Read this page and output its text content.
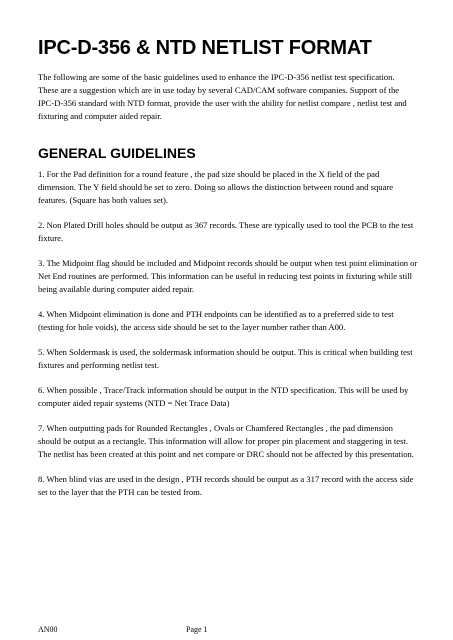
IPC-D-356 & NTD NETLIST FORMAT

The following are some of the basic guidelines used to enhance the IPC-D-356 netlist test specification. These are a suggestion which are in use today by several CAD/CAM software companies. Support of the IPC-D-356 standard with NTD format, provide the user with the ability for netlist compare , netlist test and fixturing and computer aided repair.

GENERAL GUIDELINES

1. For the Pad definition for a round feature , the pad size should be placed in the X field of the pad dimension. The Y field should be set to zero. Doing so allows the distinction between round and square features. (Square has both values set).

2. Non Plated Drill holes should be output as 367 records. These are typically used to tool the PCB to the test fixture.

3. The Midpoint flag should be included and Midpoint records should be output when test point elimination or Net End routines are performed. This information can be useful in reducing test points in fixturing while still being available during computer aided repair.

4. When Midpoint elimination is done and PTH endpoints can be identified as to a preferred side to test (testing for hole voids), the access side should be set to the layer number rather than A00.

5. When Soldermask is used, the soldermask information should be output. This is critical when building test fixtures and performing netlist test.

6. When possible , Trace/Track information should be output in the NTD specification. This will be used by computer aided repair systems (NTD = Net Trace Data)

7. When outputting pads for Rounded Rectangles , Ovals or Chamfered Rectangles , the pad dimension should be output as a rectangle. This information will allow for proper pin placement and staggering in test. The netlist has been created at this point and net compare or DRC should not be affected by this presentation.

8. When blind vias are used in the design , PTH records should be output as a 317 record with the access side set to the layer that the PTH can be tested from.

AN00	Page 1
